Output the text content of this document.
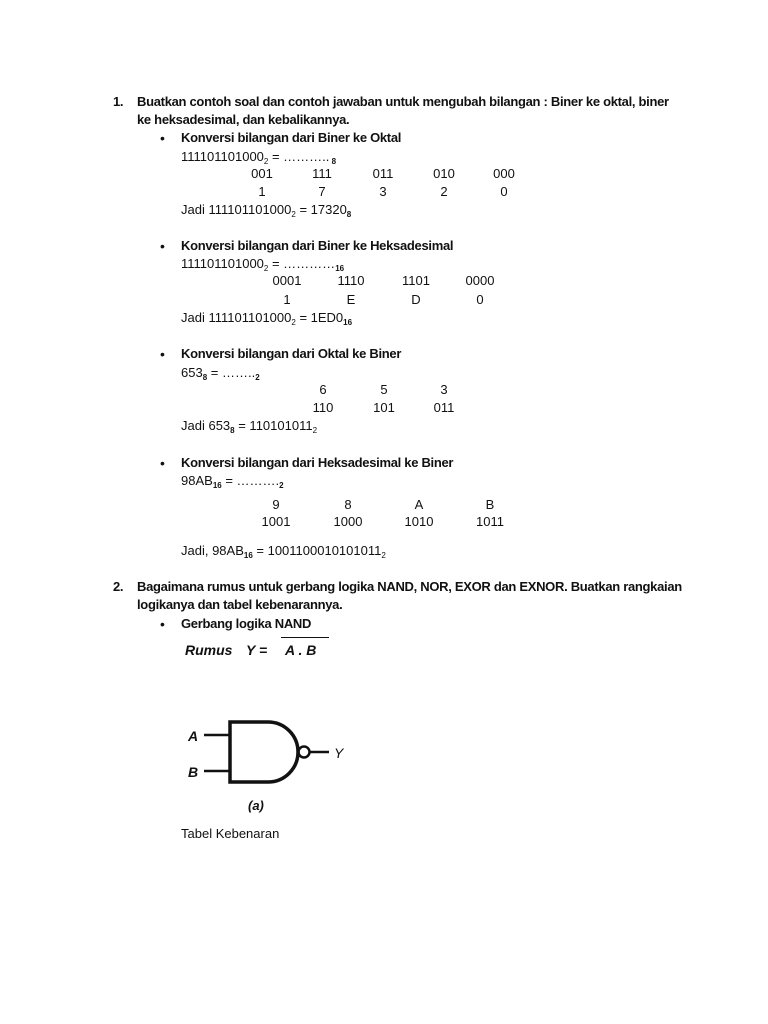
1. Buatkan contoh soal dan contoh jawaban untuk mengubah bilangan : Biner ke oktal, biner
ke heksadesimal, dan kebalikannya.
• Konversi bilangan dari Biner ke Oktal
$111101101000_2$ = ……….. $_8$
001	111	011	010	000
1	7	3	2	0
Jadi $111101101000_2 = 17320_8$
• Konversi bilangan dari Biner ke Heksadesimal
$111101101000_2$ = $\dots\dots\dots\dots_{16}$
0001	1110	1101	0000
1	E	D	0
Jadi $111101101000_2 = 1ED0_{16}$
• Konversi bilangan dari Oktal ke Biner
$653_8$ = $\dots\dots.._2$
6	5	3
110	101	011
Jadi $653_8 = 110101011_2$
• Konversi bilangan dari Heksadesimal ke Biner
$98AB_{16}$ = $\dots\dots\dots._2$
9	8	A	B
1001	1000	1010	1011
Jadi, $98AB_{16} = 1001100010101011_2$
2. Bagaimana rumus untuk gerbang logika NAND, NOR, EXOR dan EXNOR. Buatkan rangkaian
logikanya dan tabel kebenarannya.
• Gerbang logika NAND
Rumus Y = A . B
A
B
Y
(a)
Tabel Kebenaran
